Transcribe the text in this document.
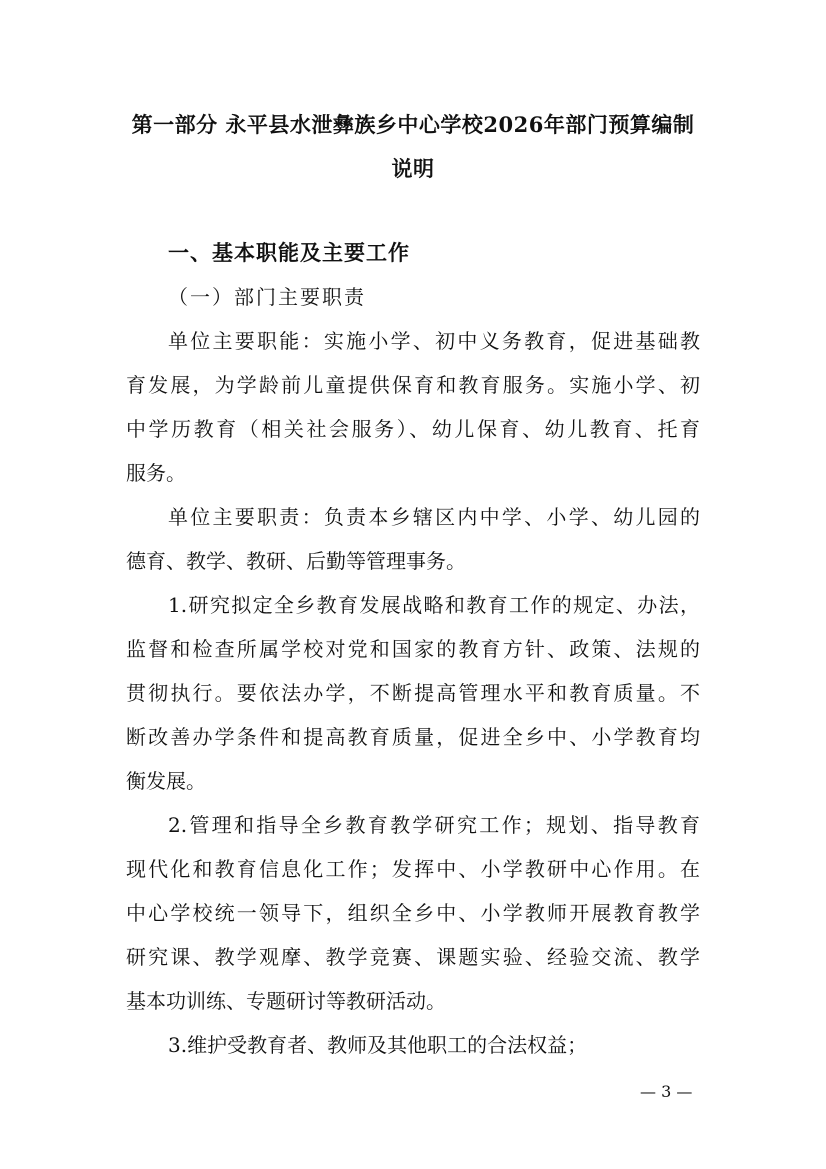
第一部分 永平县水泄彝族乡中心学校2026年部门预算编制
说明
一、基本职能及主要工作
（一）部门主要职责
单位主要职能：实施小学、初中义务教育，促进基础教
育发展，为学龄前儿童提供保育和教育服务。实施小学、初
中学历教育（相关社会服务）、幼儿保育、幼儿教育、托育
服务。
单位主要职责：负责本乡辖区内中学、小学、幼儿园的
德育、教学、教研、后勤等管理事务。
1.研究拟定全乡教育发展战略和教育工作的规定、办法，
监督和检查所属学校对党和国家的教育方针、政策、法规的
贯彻执行。要依法办学，不断提高管理水平和教育质量。不
断改善办学条件和提高教育质量，促进全乡中、小学教育均
衡发展。
2.管理和指导全乡教育教学研究工作；规划、指导教育
现代化和教育信息化工作；发挥中、小学教研中心作用。在
中心学校统一领导下，组织全乡中、小学教师开展教育教学
研究课、教学观摩、教学竞赛、课题实验、经验交流、教学
基本功训练、专题研讨等教研活动。
3.维护受教育者、教师及其他职工的合法权益；
— 3 —
